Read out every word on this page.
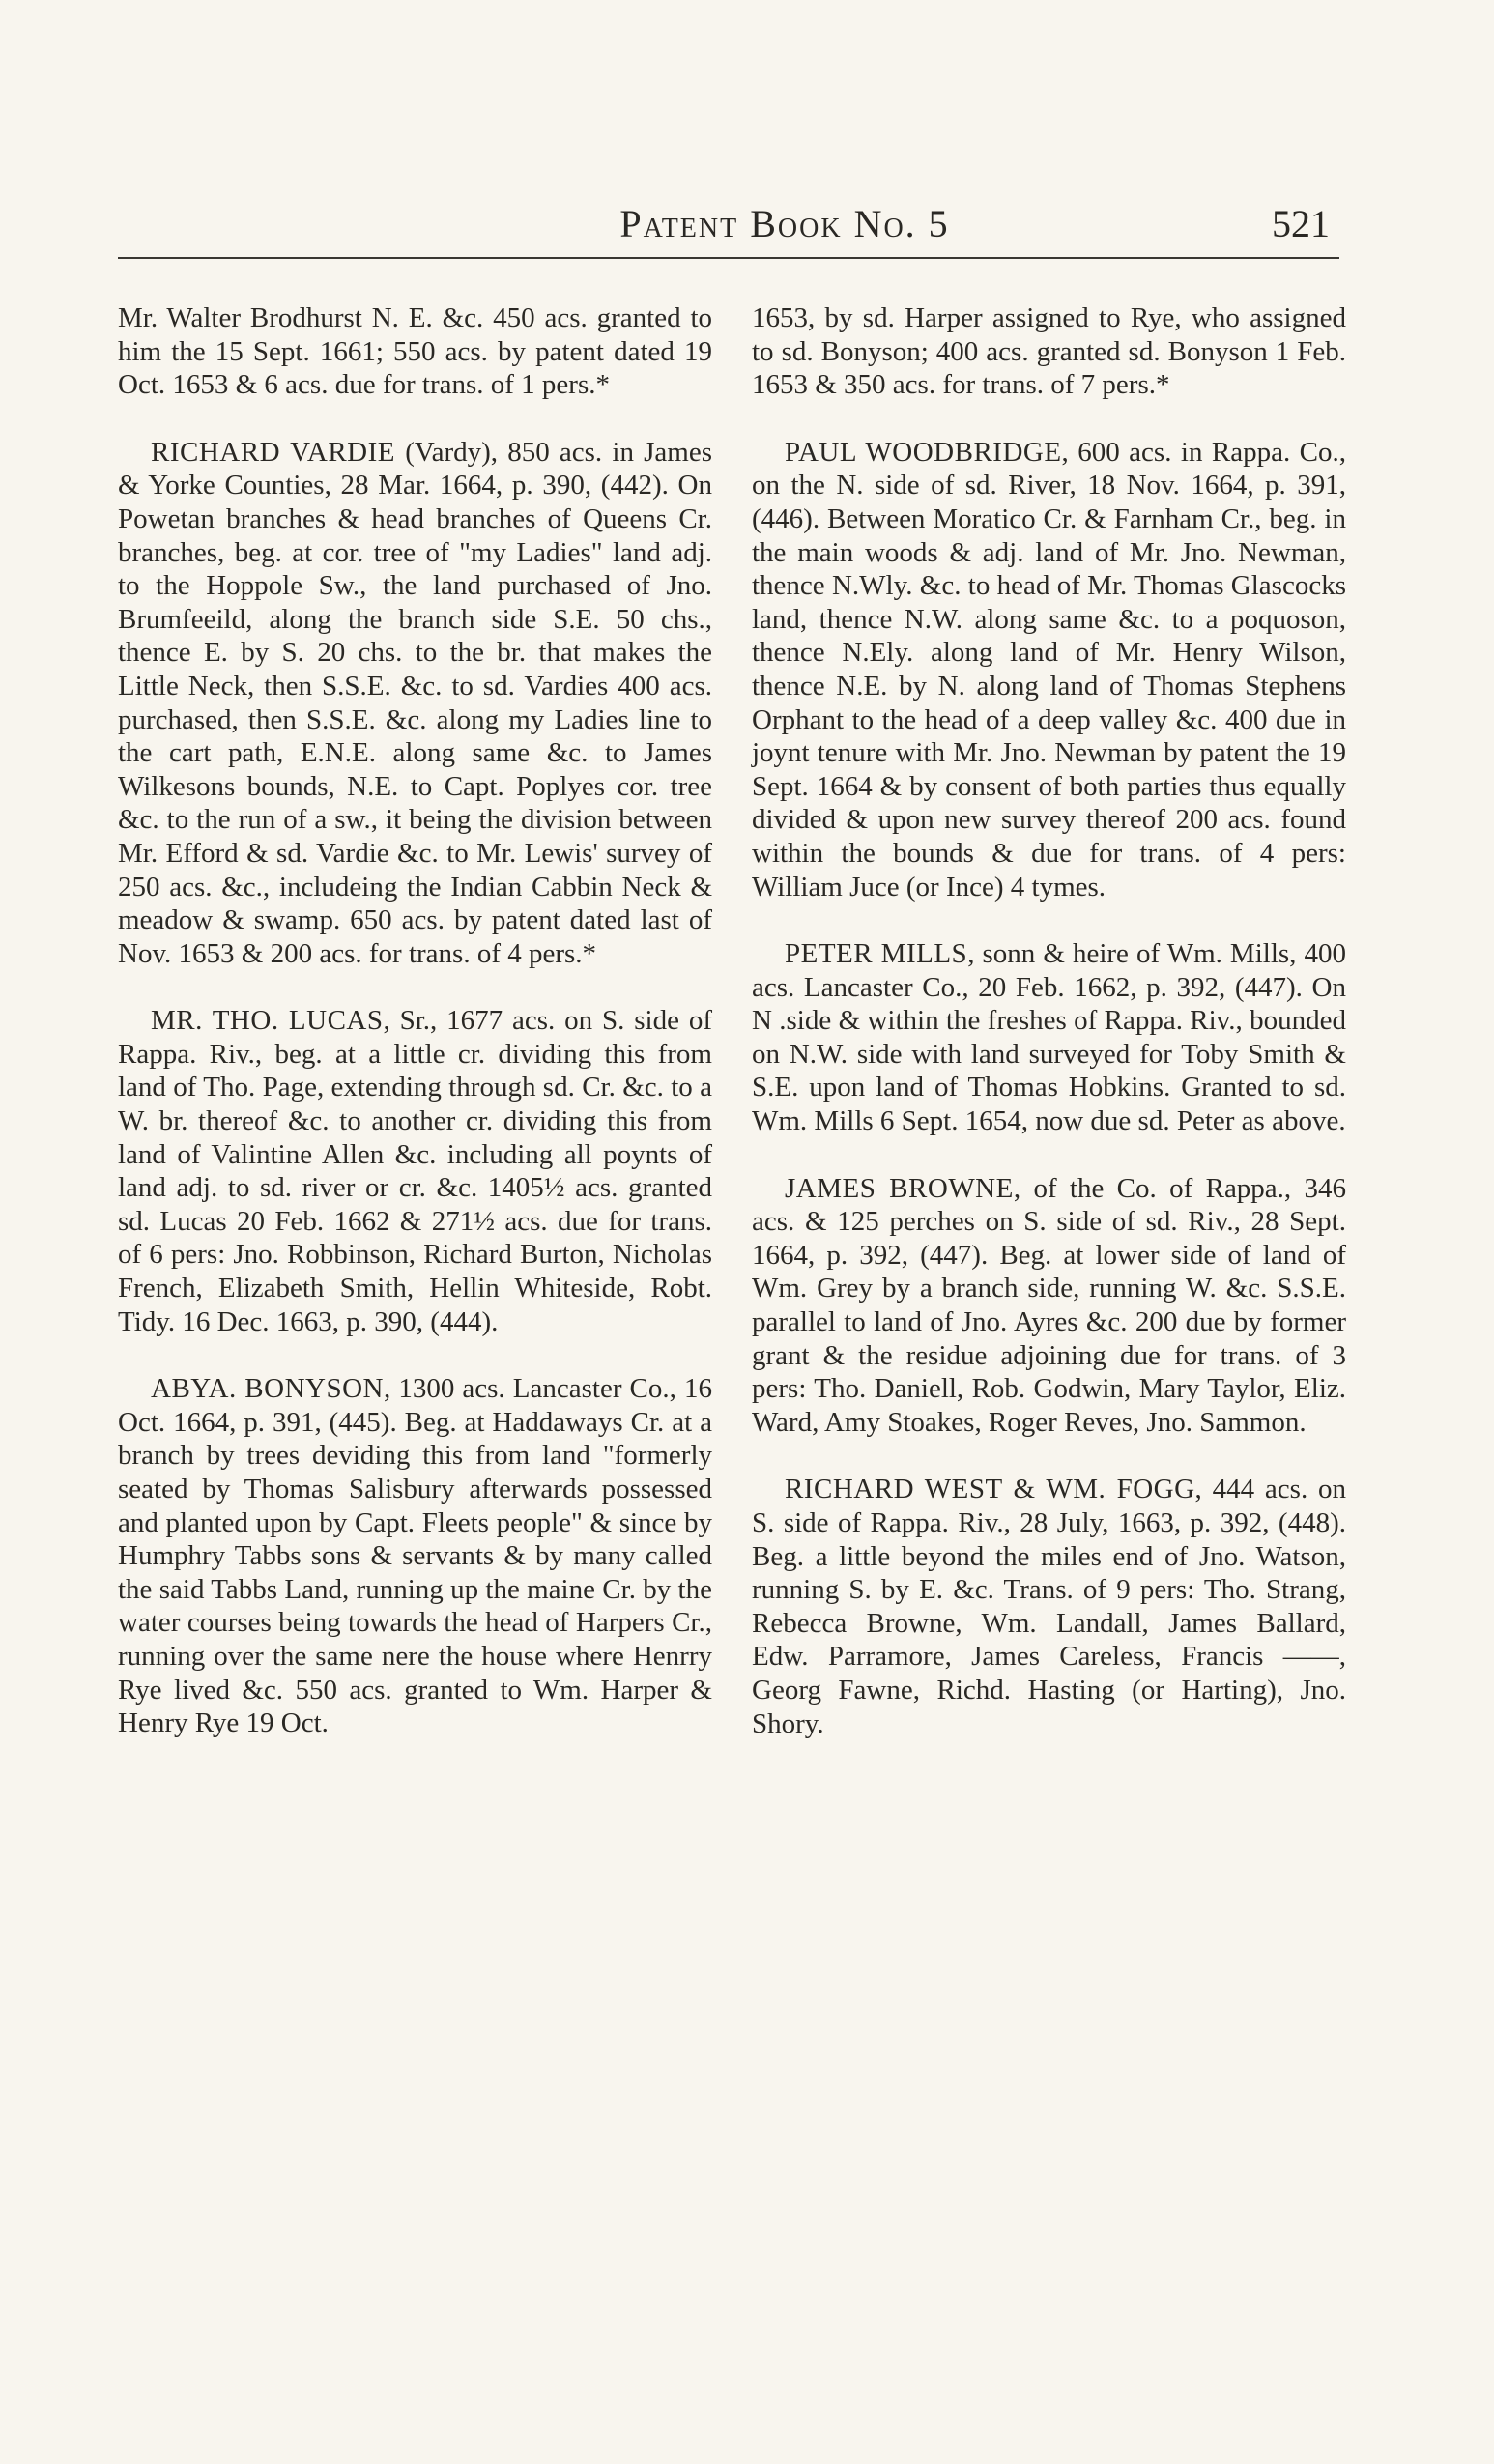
Patent Book No. 5	521

Mr. Walter Brodhurst N. E. &c. 450 acs. granted to him the 15 Sept. 1661; 550 acs. by patent dated 19 Oct. 1653 & 6 acs. due for trans. of 1 pers.*

RICHARD VARDIE (Vardy), 850 acs. in James & Yorke Counties, 28 Mar. 1664, p. 390, (442). On Powetan branches & head branches of Queens Cr. branches, beg. at cor. tree of "my Ladies" land adj. to the Hoppole Sw., the land purchased of Jno. Brumfeeild, along the branch side S.E. 50 chs., thence E. by S. 20 chs. to the br. that makes the Little Neck, then S.S.E. &c. to sd. Vardies 400 acs. purchased, then S.S.E. &c. along my Ladies line to the cart path, E.N.E. along same &c. to James Wilkesons bounds, N.E. to Capt. Poplyes cor. tree &c. to the run of a sw., it being the division between Mr. Efford & sd. Vardie &c. to Mr. Lewis' survey of 250 acs. &c., includeing the Indian Cabbin Neck & meadow & swamp. 650 acs. by patent dated last of Nov. 1653 & 200 acs. for trans. of 4 pers.*

MR. THO. LUCAS, Sr., 1677 acs. on S. side of Rappa. Riv., beg. at a little cr. dividing this from land of Tho. Page, extending through sd. Cr. &c. to a W. br. thereof &c. to another cr. dividing this from land of Valintine Allen &c. including all poynts of land adj. to sd. river or cr. &c. 1405½ acs. granted sd. Lucas 20 Feb. 1662 & 271½ acs. due for trans. of 6 pers: Jno. Robbinson, Richard Burton, Nicholas French, Elizabeth Smith, Hellin Whiteside, Robt. Tidy. 16 Dec. 1663, p. 390, (444).

ABYA. BONYSON, 1300 acs. Lancaster Co., 16 Oct. 1664, p. 391, (445). Beg. at Haddaways Cr. at a branch by trees deviding this from land "formerly seated by Thomas Salisbury afterwards possessed and planted upon by Capt. Fleets people" & since by Humphry Tabbs sons & servants & by many called the said Tabbs Land, running up the maine Cr. by the water courses being towards the head of Harpers Cr., running over the same nere the house where Henrry Rye lived &c. 550 acs. granted to Wm. Harper & Henry Rye 19 Oct.

1653, by sd. Harper assigned to Rye, who assigned to sd. Bonyson; 400 acs. granted sd. Bonyson 1 Feb. 1653 & 350 acs. for trans. of 7 pers.*

PAUL WOODBRIDGE, 600 acs. in Rappa. Co., on the N. side of sd. River, 18 Nov. 1664, p. 391, (446). Between Moratico Cr. & Farnham Cr., beg. in the main woods & adj. land of Mr. Jno. Newman, thence N.Wly. &c. to head of Mr. Thomas Glascocks land, thence N.W. along same &c. to a poquoson, thence N.Ely. along land of Mr. Henry Wilson, thence N.E. by N. along land of Thomas Stephens Orphant to the head of a deep valley &c. 400 due in joynt tenure with Mr. Jno. Newman by patent the 19 Sept. 1664 & by consent of both parties thus equally divided & upon new survey thereof 200 acs. found within the bounds & due for trans. of 4 pers: William Juce (or Ince) 4 tymes.

PETER MILLS, sonn & heire of Wm. Mills, 400 acs. Lancaster Co., 20 Feb. 1662, p. 392, (447). On N .side & within the freshes of Rappa. Riv., bounded on N.W. side with land surveyed for Toby Smith & S.E. upon land of Thomas Hobkins. Granted to sd. Wm. Mills 6 Sept. 1654, now due sd. Peter as above.

JAMES BROWNE, of the Co. of Rappa., 346 acs. & 125 perches on S. side of sd. Riv., 28 Sept. 1664, p. 392, (447). Beg. at lower side of land of Wm. Grey by a branch side, running W. &c. S.S.E. parallel to land of Jno. Ayres &c. 200 due by former grant & the residue adjoining due for trans. of 3 pers: Tho. Daniell, Rob. Godwin, Mary Taylor, Eliz. Ward, Amy Stoakes, Roger Reves, Jno. Sammon.

RICHARD WEST & WM. FOGG, 444 acs. on S. side of Rappa. Riv., 28 July, 1663, p. 392, (448). Beg. a little beyond the miles end of Jno. Watson, running S. by E. &c. Trans. of 9 pers: Tho. Strang, Rebecca Browne, Wm. Landall, James Ballard, Edw. Parramore, James Careless, Francis ——, Georg Fawne, Richd. Hasting (or Harting), Jno. Shory.
